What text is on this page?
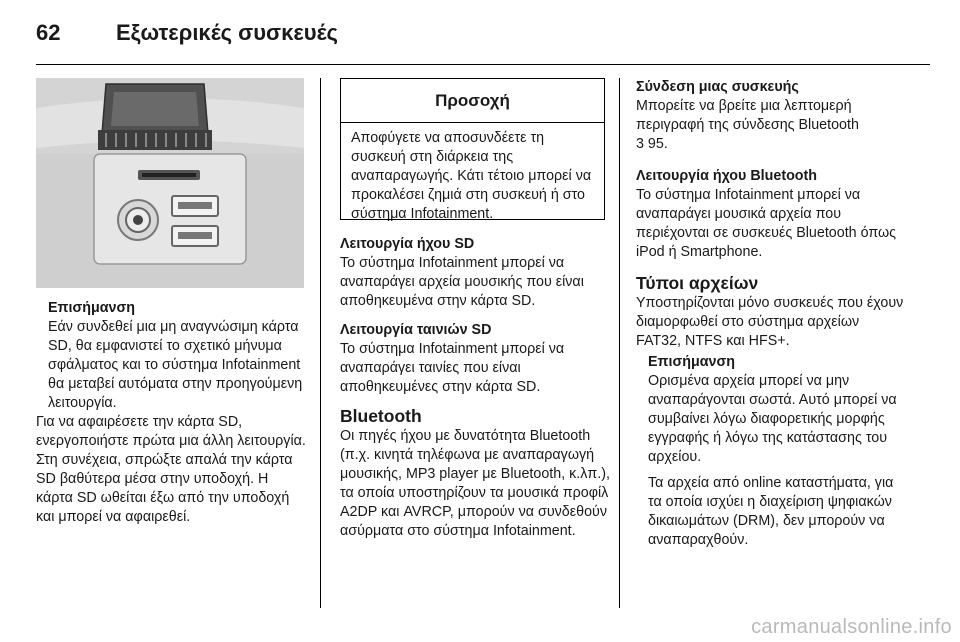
62	Εξωτερικές συσκευές
Επισήμανση

Εάν συνδεθεί μια μη αναγνώσιμη κάρτα SD, θα εμφανιστεί το σχετικό μήνυμα σφάλματος και το σύστημα Infotainment θα μεταβεί αυτόματα στην προηγούμενη λειτουργία.

Για να αφαιρέσετε την κάρτα SD, ενεργοποιήστε πρώτα μια άλλη λειτουργία. Στη συνέχεια, σπρώξτε απαλά την κάρτα SD βαθύτερα μέσα στην υποδοχή. Η κάρτα SD ωθείται έξω από την υποδοχή και μπορεί να αφαιρεθεί.

Προσοχή
Αποφύγετε να αποσυνδέετε τη συσκευή στη διάρκεια της αναπαραγωγής. Κάτι τέτοιο μπορεί να προκαλέσει ζημιά στη συσκευή ή στο σύστημα Infotainment.
Λειτουργία ήχου SD

Το σύστημα Infotainment μπορεί να αναπαράγει αρχεία μουσικής που είναι αποθηκευμένα στην κάρτα SD.

Λειτουργία ταινιών SD

Το σύστημα Infotainment μπορεί να αναπαράγει ταινίες που είναι αποθηκευμένες στην κάρτα SD.

Bluetooth

Οι πηγές ήχου με δυνατότητα Bluetooth (π.χ. κινητά τηλέφωνα με αναπαραγωγή μουσικής, MP3 player με Bluetooth, κ.λπ.), τα οποία υποστηρίζουν τα μουσικά προφίλ A2DP και AVRCP, μπορούν να συνδεθούν ασύρματα στο σύστημα Infotainment.

Σύνδεση μιας συσκευής

Μπορείτε να βρείτε μια λεπτομερή περιγραφή της σύνδεσης Bluetooth

3 95.

Λειτουργία ήχου Bluetooth

Το σύστημα Infotainment μπορεί να αναπαράγει μουσικά αρχεία που περιέχονται σε συσκευές Bluetooth όπως iPod ή Smartphone.

Τύποι αρχείων

Υποστηρίζονται μόνο συσκευές που έχουν διαμορφωθεί στο σύστημα αρχείων FAT32, NTFS και HFS+.

Επισήμανση

Ορισμένα αρχεία μπορεί να μην αναπαράγονται σωστά. Αυτό μπορεί να συμβαίνει λόγω διαφορετικής μορφής εγγραφής ή λόγω της κατάστασης του αρχείου.

Τα αρχεία από online καταστήματα, για τα οποία ισχύει η διαχείριση ψηφιακών δικαιωμάτων (DRM), δεν μπορούν να αναπαραχθούν.

carmanualsonline.info
